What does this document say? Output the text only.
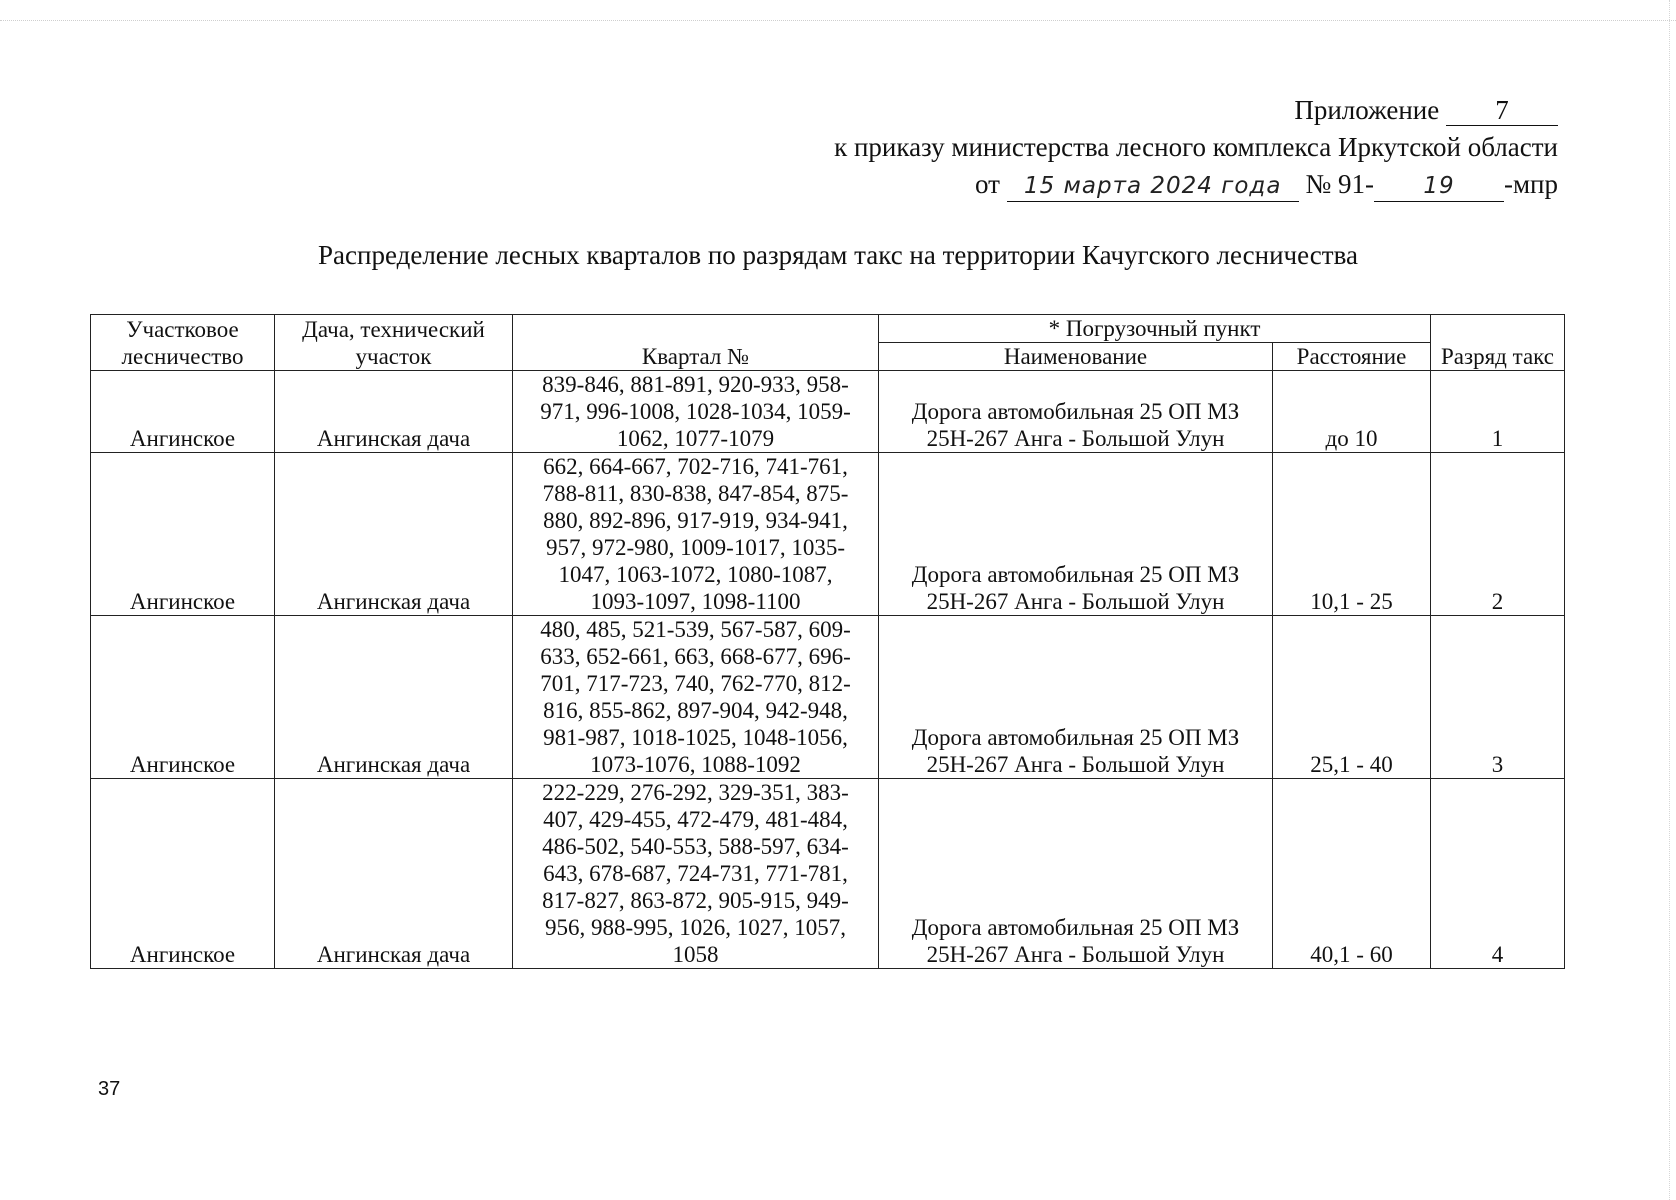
Приложение 7
к приказу министерства лесного комплекса Иркутской области
от 15 марта 2024 года № 91- 19 -мпр
Распределение лесных кварталов по разрядам такс на территории Качугского лесничества
Участковое лесничество	Дача, технический участок	Квартал №	* Погрузочный пункт		Разряд такс
			Наименование	Расстояние	
Ангинское	Ангинская дача	839-846, 881-891, 920-933, 958-971, 996-1008, 1028-1034, 1059-1062, 1077-1079	Дорога автомобильная 25 ОП МЗ 25Н-267 Анга - Большой Улун	до 10	1
Ангинское	Ангинская дача	662, 664-667, 702-716, 741-761, 788-811, 830-838, 847-854, 875-880, 892-896, 917-919, 934-941, 957, 972-980, 1009-1017, 1035-1047, 1063-1072, 1080-1087, 1093-1097, 1098-1100	Дорога автомобильная 25 ОП МЗ 25Н-267 Анга - Большой Улун	10,1 - 25	2
Ангинское	Ангинская дача	480, 485, 521-539, 567-587, 609-633, 652-661, 663, 668-677, 696-701, 717-723, 740, 762-770, 812-816, 855-862, 897-904, 942-948, 981-987, 1018-1025, 1048-1056, 1073-1076, 1088-1092	Дорога автомобильная 25 ОП МЗ 25Н-267 Анга - Большой Улун	25,1 - 40	3
Ангинское	Ангинская дача	222-229, 276-292, 329-351, 383-407, 429-455, 472-479, 481-484, 486-502, 540-553, 588-597, 634-643, 678-687, 724-731, 771-781, 817-827, 863-872, 905-915, 949-956, 988-995, 1026, 1027, 1057, 1058	Дорога автомобильная 25 ОП МЗ 25Н-267 Анга - Большой Улун	40,1 - 60	4
37
